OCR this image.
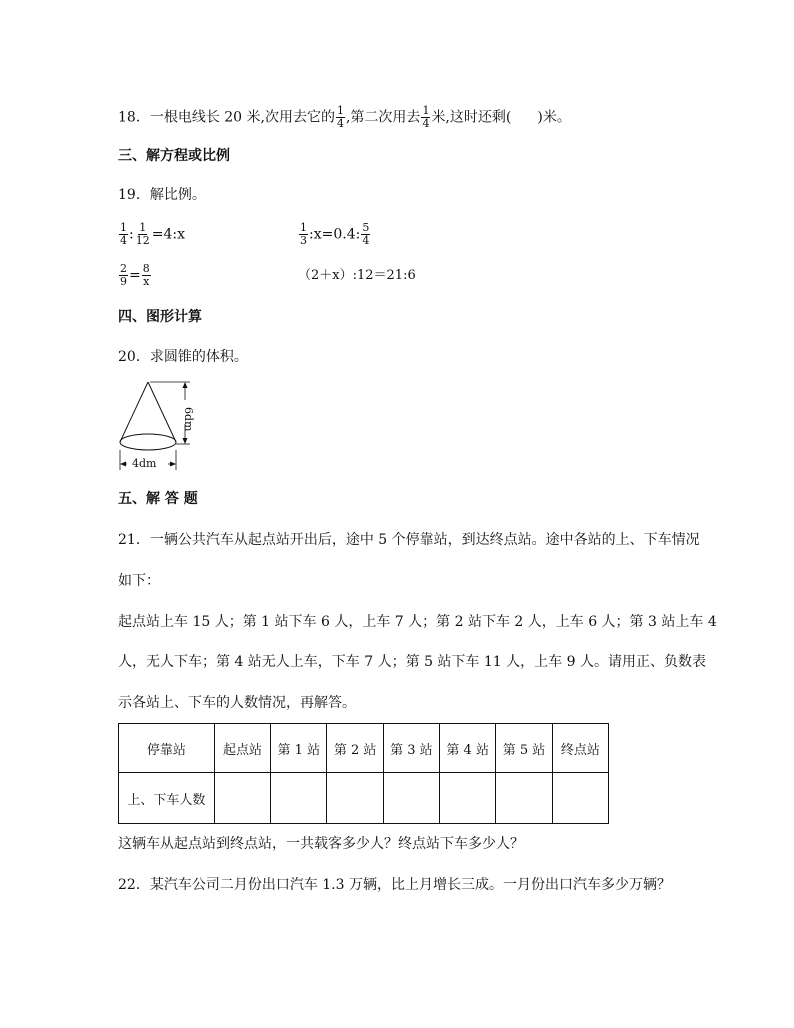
18．一根电线长 20 米,次用去它的 $\frac{1}{4}$ ,第二次用去 $\frac{1}{4}$ 米,这时还剩( )米。
三、解方程或比例
19．解比例。
$\frac{1}{4}$ : $\frac{1}{12}$ =4:x	$\frac{1}{3}$ :x=0.4: $\frac{5}{4}$
$\frac{2}{9} = \frac{8}{x}$	（2＋x）:12＝21:6
四、图形计算
20．求圆锥的体积。
6dm
4dm
五、解 答 题
21．一辆公共汽车从起点站开出后，途中 5 个停靠站，到达终点站。途中各站的上、下车情况
如下：
起点站上车 15 人；第 1 站下车 6 人，上车 7 人；第 2 站下车 2 人，上车 6 人；第 3 站上车 4
人，无人下车；第 4 站无人上车，下车 7 人；第 5 站下车 11 人，上车 9 人。请用正、负数表
示各站上、下车的人数情况，再解答。
停靠站	起点站	第 1 站	第 2 站	第 3 站	第 4 站	第 5 站	终点站
上、下车人数							
这辆车从起点站到终点站，一共载客多少人？终点站下车多少人？
22．某汽车公司二月份出口汽车 1.3 万辆，比上月增长三成。一月份出口汽车多少万辆？
